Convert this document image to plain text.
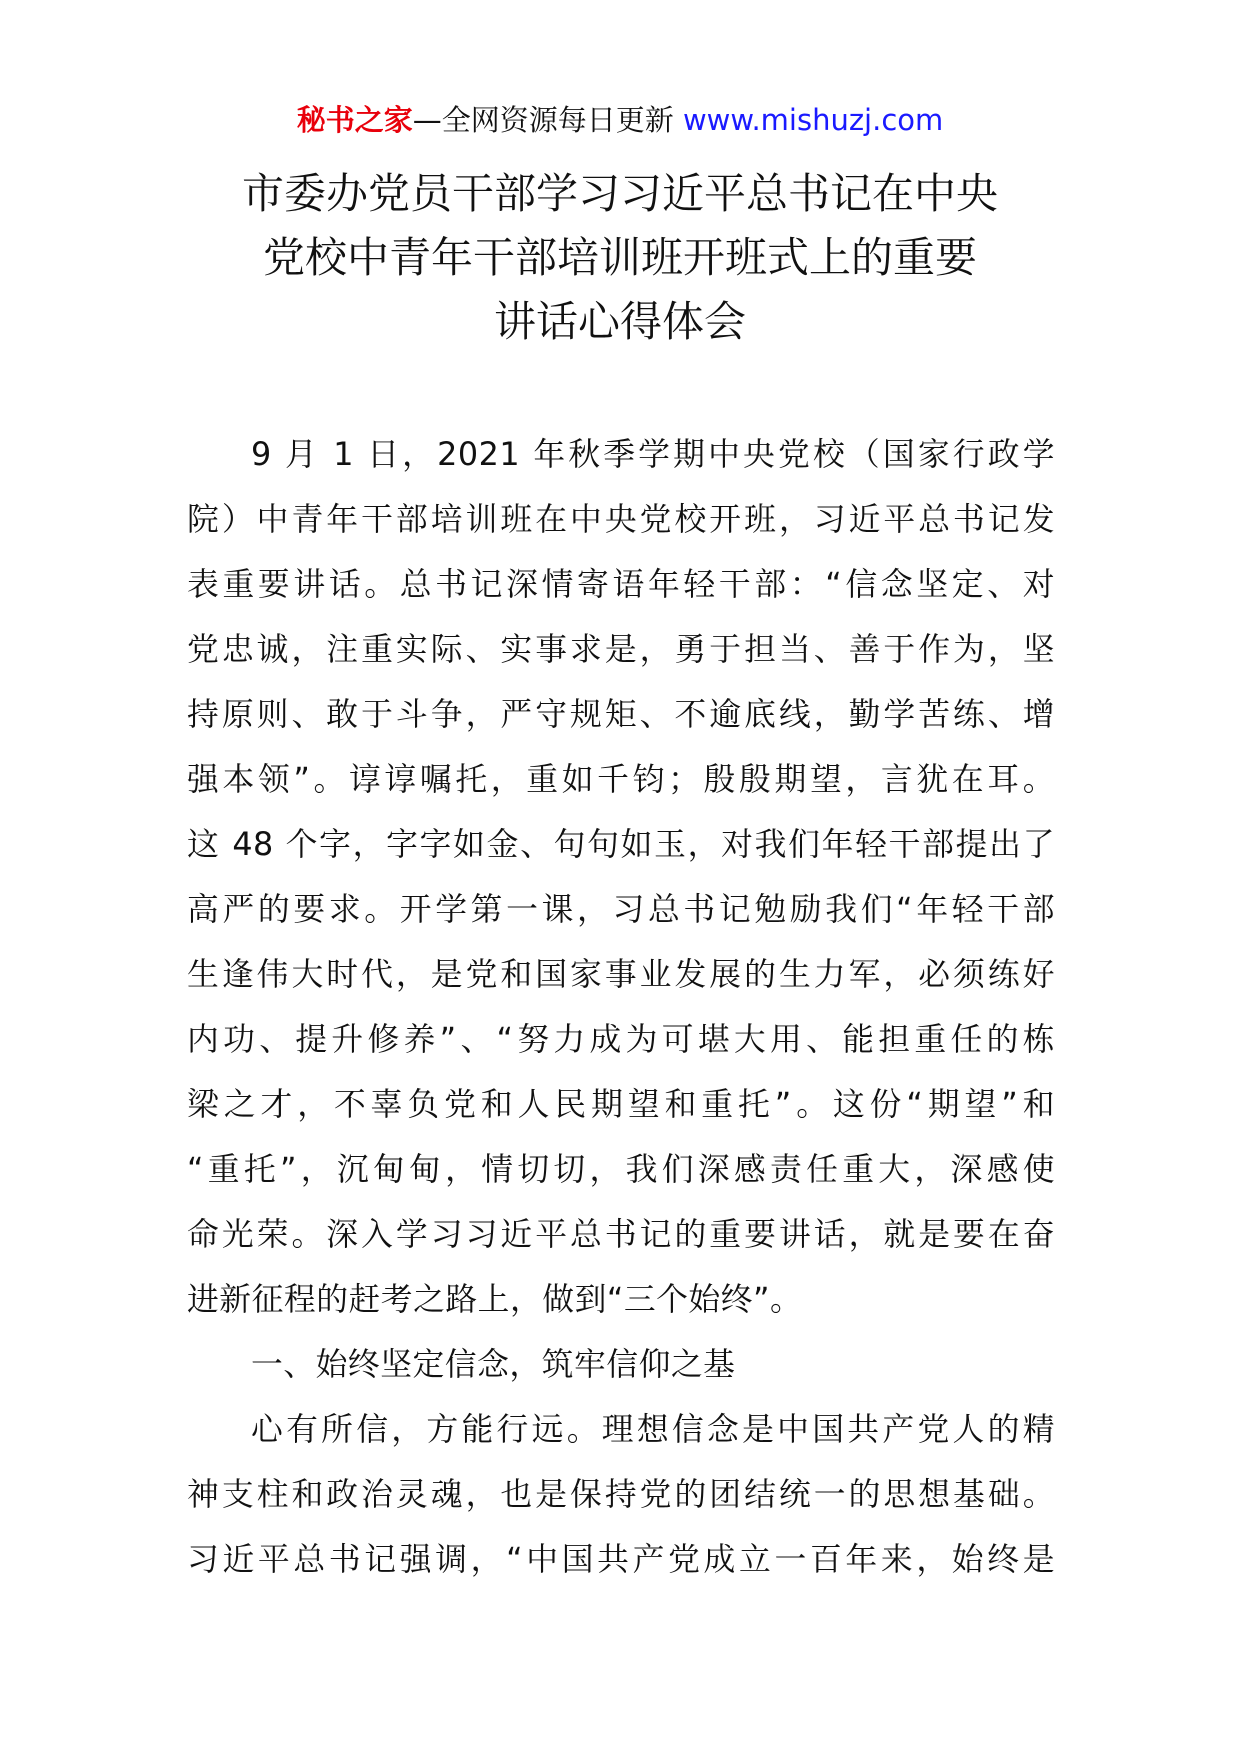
秘书之家—全网资源每日更新 www.mishuzj.com
市委办党员干部学习习近平总书记在中央
党校中青年干部培训班开班式上的重要
讲话心得体会
9 月 1 日，2021 年秋季学期中央党校（国家行政学
院）中青年干部培训班在中央党校开班，习近平总书记发
表重要讲话。总书记深情寄语年轻干部：“信念坚定、对
党忠诚，注重实际、实事求是，勇于担当、善于作为，坚
持原则、敢于斗争，严守规矩、不逾底线，勤学苦练、增
强本领”。谆谆嘱托，重如千钧；殷殷期望，言犹在耳。
这 48 个字，字字如金、句句如玉，对我们年轻干部提出了
高严的要求。开学第一课，习总书记勉励我们“年轻干部
生逢伟大时代，是党和国家事业发展的生力军，必须练好
内功、提升修养”、“努力成为可堪大用、能担重任的栋
梁之才，不辜负党和人民期望和重托”。这份“期望”和
“重托”，沉甸甸，情切切，我们深感责任重大，深感使
命光荣。深入学习习近平总书记的重要讲话，就是要在奋
进新征程的赶考之路上，做到“三个始终”。
一、始终坚定信念，筑牢信仰之基
心有所信，方能行远。理想信念是中国共产党人的精
神支柱和政治灵魂，也是保持党的团结统一的思想基础。
习近平总书记强调，“中国共产党成立一百年来，始终是
